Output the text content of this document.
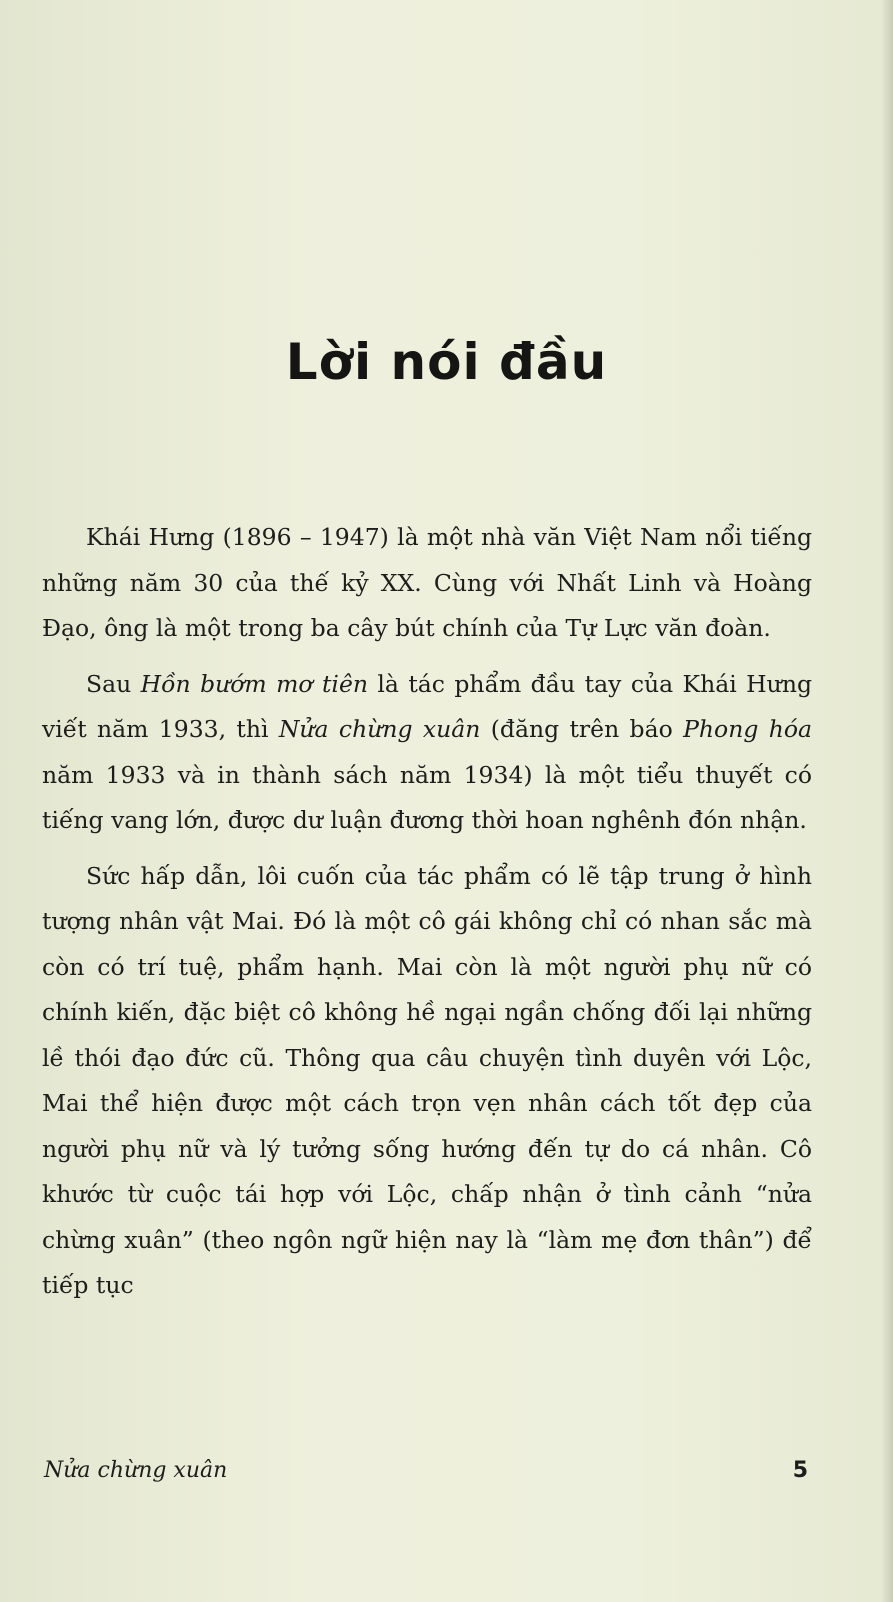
Lời nói đầu

Khái Hưng (1896 – 1947) là một nhà văn Việt Nam nổi tiếng những năm 30 của thế kỷ XX. Cùng với Nhất Linh và Hoàng Đạo, ông là một trong ba cây bút chính của Tự Lực văn đoàn.

Sau Hồn bướm mơ tiên là tác phẩm đầu tay của Khái Hưng viết năm 1933, thì Nửa chừng xuân (đăng trên báo Phong hóa năm 1933 và in thành sách năm 1934) là một tiểu thuyết có tiếng vang lớn, được dư luận đương thời hoan nghênh đón nhận.

Sức hấp dẫn, lôi cuốn của tác phẩm có lẽ tập trung ở hình tượng nhân vật Mai. Đó là một cô gái không chỉ có nhan sắc mà còn có trí tuệ, phẩm hạnh. Mai còn là một người phụ nữ có chính kiến, đặc biệt cô không hề ngại ngần chống đối lại những lề thói đạo đức cũ. Thông qua câu chuyện tình duyên với Lộc, Mai thể hiện được một cách trọn vẹn nhân cách tốt đẹp của người phụ nữ và lý tưởng sống hướng đến tự do cá nhân. Cô khước từ cuộc tái hợp với Lộc, chấp nhận ở tình cảnh “nửa chừng xuân” (theo ngôn ngữ hiện nay là “làm mẹ đơn thân”) để tiếp tục

Nửa chừng xuân	5
